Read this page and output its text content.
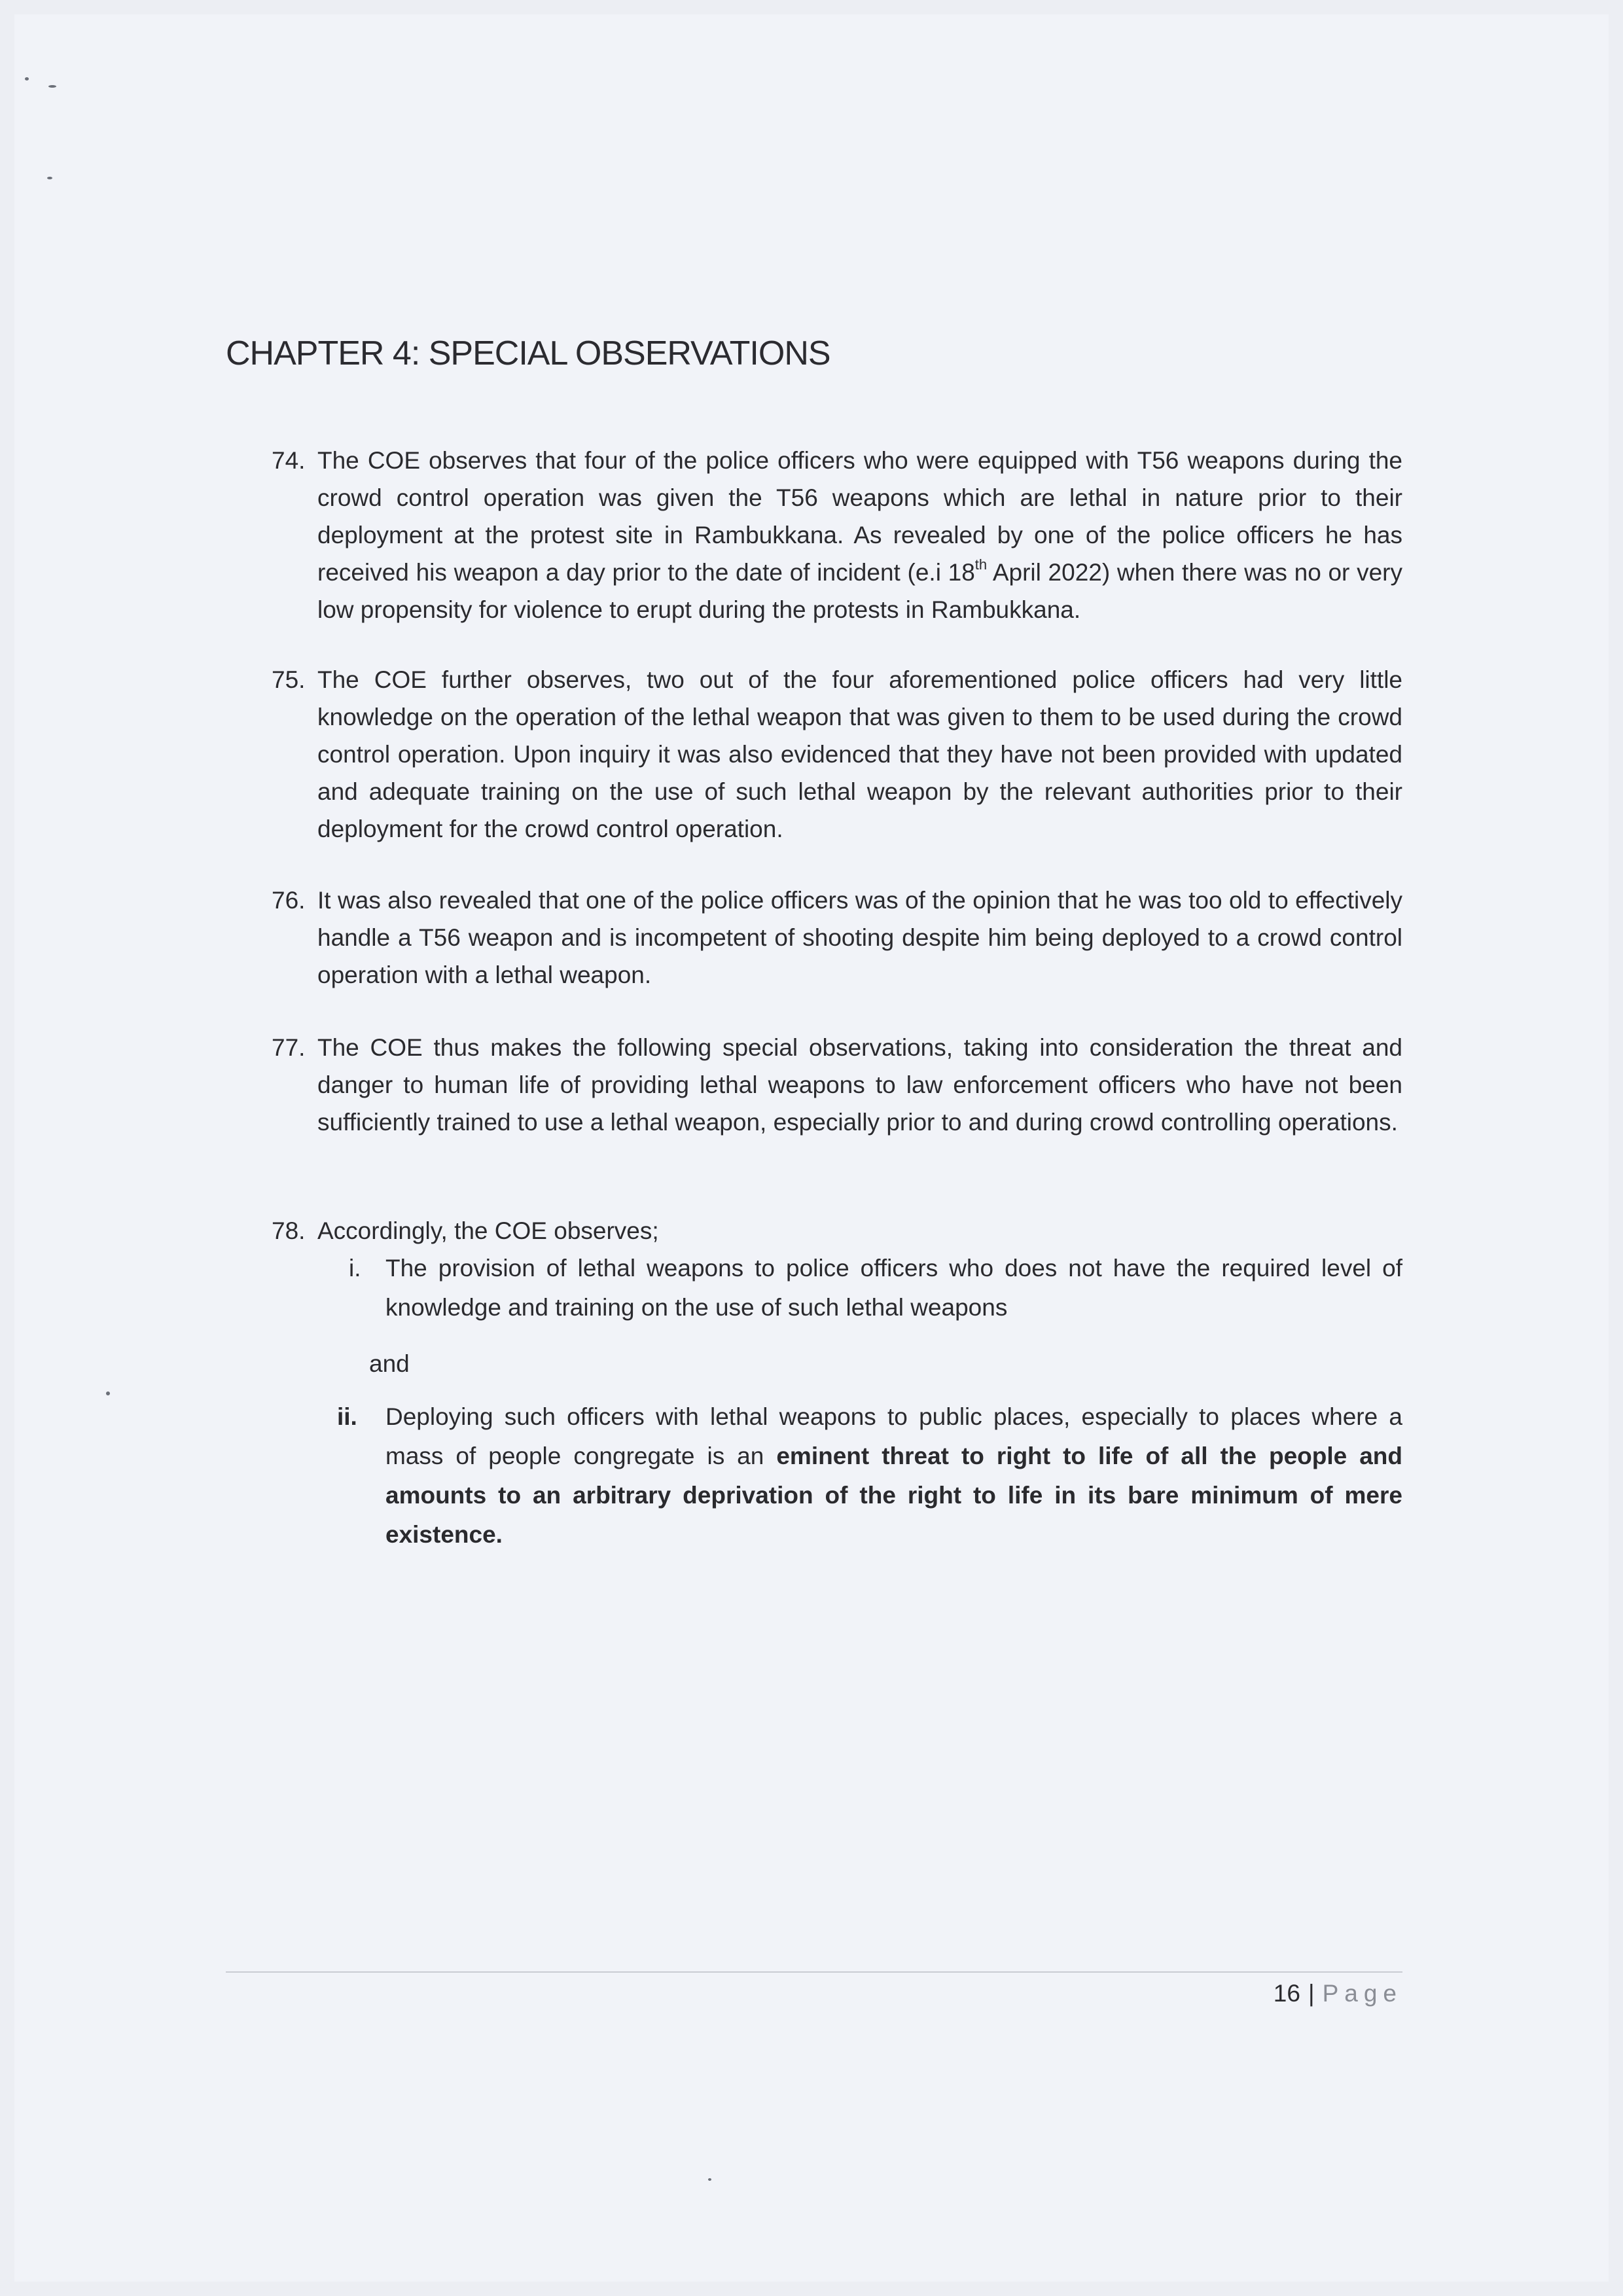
CHAPTER 4: SPECIAL OBSERVATIONS
74. The COE observes that four of the police officers who were equipped with T56 weapons during the crowd control operation was given the T56 weapons which are lethal in nature prior to their deployment at the protest site in Rambukkana. As revealed by one of the police officers he has received his weapon a day prior to the date of incident (e.i 18th April 2022) when there was no or very low propensity for violence to erupt during the protests in Rambukkana.
75. The COE further observes, two out of the four aforementioned police officers had very little knowledge on the operation of the lethal weapon that was given to them to be used during the crowd control operation. Upon inquiry it was also evidenced that they have not been provided with updated and adequate training on the use of such lethal weapon by the relevant authorities prior to their deployment for the crowd control operation.
76. It was also revealed that one of the police officers was of the opinion that he was too old to effectively handle a T56 weapon and is incompetent of shooting despite him being deployed to a crowd control operation with a lethal weapon.
77. The COE thus makes the following special observations, taking into consideration the threat and danger to human life of providing lethal weapons to law enforcement officers who have not been sufficiently trained to use a lethal weapon, especially prior to and during crowd controlling operations.
78. Accordingly, the COE observes;
i.	The provision of lethal weapons to police officers who does not have the required level of knowledge and training on the use of such lethal weapons
and
ii.	Deploying such officers with lethal weapons to public places, especially to places where a mass of people congregate is an eminent threat to right to life of all the people and amounts to an arbitrary deprivation of the right to life in its bare minimum of mere existence.
16 | Page
